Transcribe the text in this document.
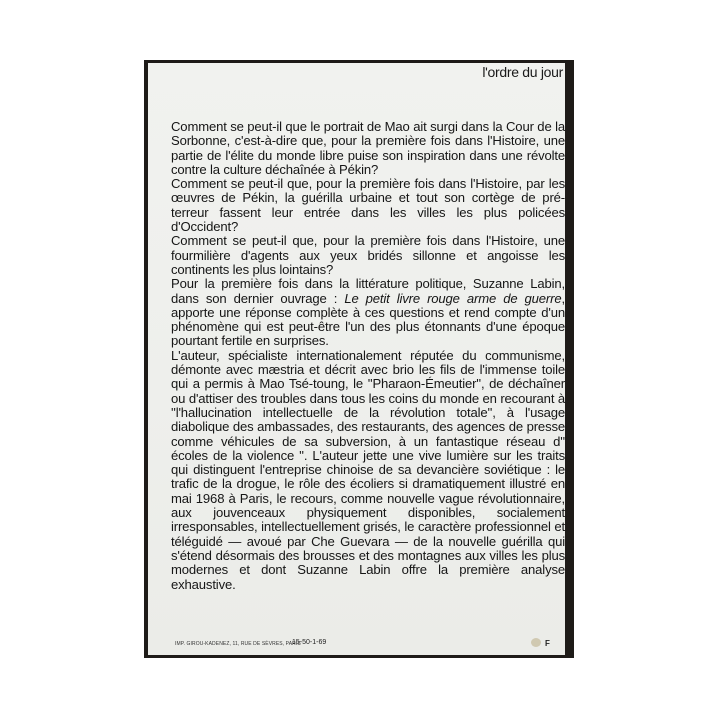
l'ordre du jour

Comment se peut-il que le portrait de Mao ait surgi dans la Cour de la Sorbonne, c'est-à-dire que, pour la première fois dans l'Histoire, une partie de l'élite du monde libre puise son inspiration dans une révolte contre la culture déchaînée à Pékin?

Comment se peut-il que, pour la première fois dans l'Histoire, par les œuvres de Pékin, la guérilla urbaine et tout son cortège de pré-terreur fassent leur entrée dans les villes les plus policées d'Occident?

Comment se peut-il que, pour la première fois dans l'Histoire, une fourmilière d'agents aux yeux bridés sillonne et angoisse les continents les plus lointains?

Pour la première fois dans la littérature politique, Suzanne Labin, dans son dernier ouvrage : Le petit livre rouge arme de guerre, apporte une réponse complète à ces questions et rend compte d'un phénomène qui est peut-être l'un des plus étonnants d'une époque pourtant fertile en surprises.

L'auteur, spécialiste internationalement réputée du communisme, démonte avec mæstria et décrit avec brio les fils de l'immense toile qui a permis à Mao Tsé-toung, le ''Pharaon-Émeutier'', de déchaîner ou d'attiser des troubles dans tous les coins du monde en recourant à ''l'hallucination intellectuelle de la révolution totale'', à l'usage diabolique des ambassades, des restaurants, des agences de presse comme véhicules de sa subversion, à un fantastique réseau d'' écoles de la violence ''. L'auteur jette une vive lumière sur les traits qui distinguent l'entreprise chinoise de sa devancière soviétique : le trafic de la drogue, le rôle des écoliers si dramatiquement illustré en mai 1968 à Paris, le recours, comme nouvelle vague révolutionnaire, aux jouvenceaux physiquement disponibles, socialement irresponsables, intellectuellement grisés, le caractère professionnel et téléguidé — avoué par Che Guevara — de la nouvelle guérilla qui s'étend désormais des brousses et des montagnes aux villes les plus modernes et dont Suzanne Labin offre la première analyse exhaustive.

IMP. GIROU-KADENEZ, 11, RUE DE SÈVRES, PARIS
15-50-1-69	F
